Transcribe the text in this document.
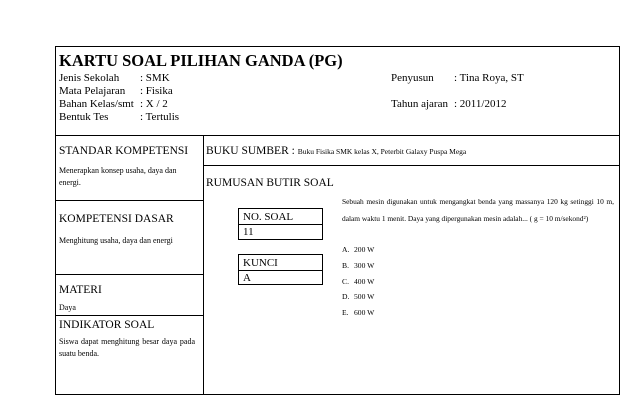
KARTU SOAL PILIHAN GANDA (PG)
Jenis Sekolah : SMK
Mata Pelajaran : Fisika
Bahan Kelas/smt : X / 2
Bentuk Tes	: Tertulis
Penyusun : Tina Roya, ST
Tahun ajaran : 2011/2012
STANDAR KOMPETENSI
Menerapkan konsep usaha, daya dan energi.
KOMPETENSI DASAR
Menghitung usaha, daya dan energi
MATERI
Daya
INDIKATOR SOAL
Siswa dapat menghitung besar daya pada suatu benda.
BUKU SUMBER : Buku Fisika SMK kelas X, Peterbit Galaxy Puspa Mega
RUMUSAN BUTIR SOAL
NO. SOAL
11
KUNCI
A
Sebuah mesin digunakan untuk mengangkat benda yang massanya 120 kg setinggi 10 m, dalam waktu 1 menit. Daya yang dipergunakan mesin adalah... ( g = 10 m/sekond²)
A. 200 W
B. 300 W
C. 400 W
D. 500 W
E. 600 W
